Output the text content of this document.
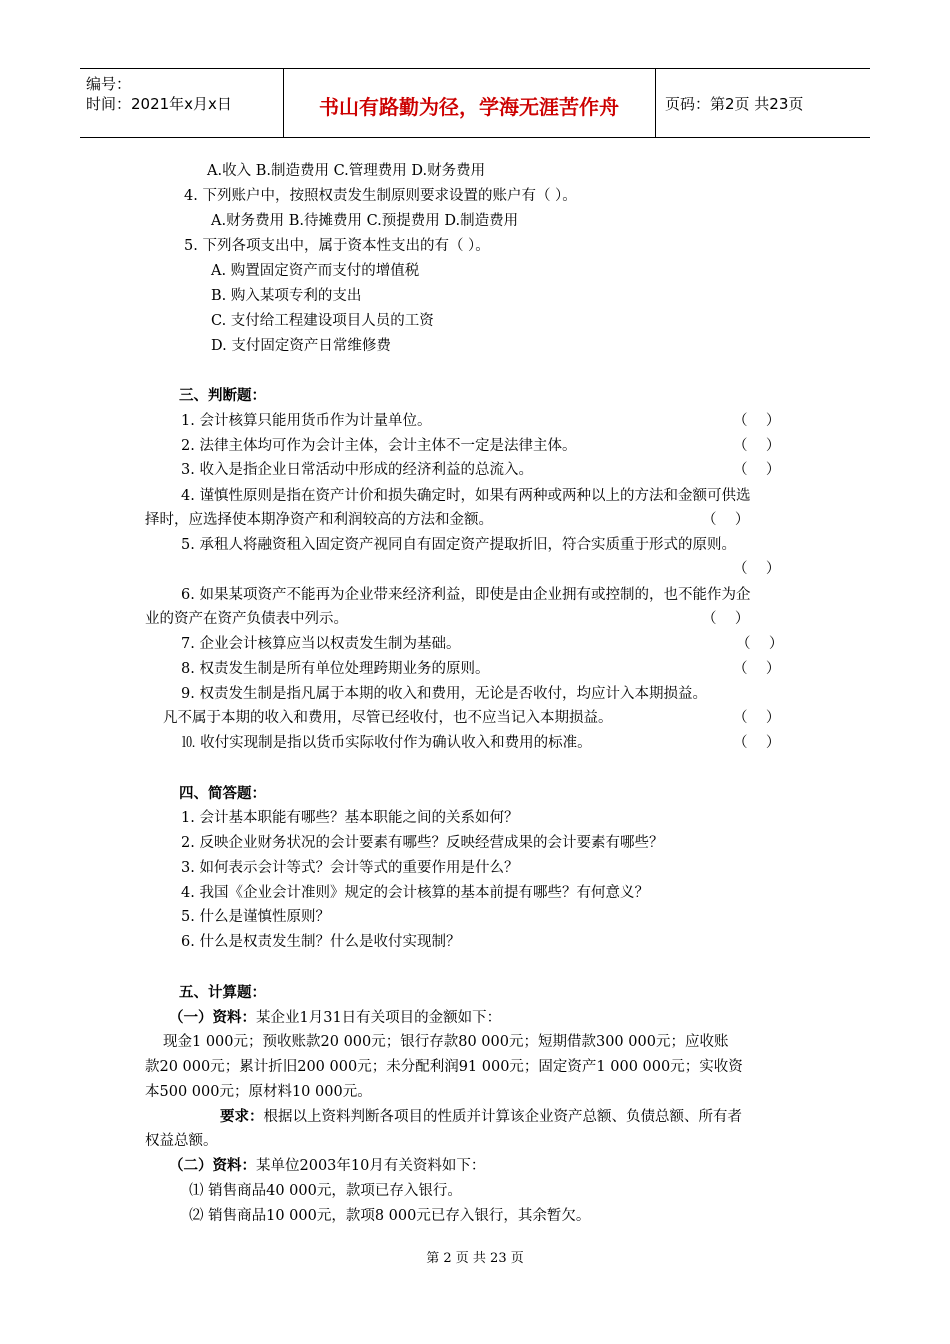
编号：
时间：2021年x月x日	书山有路勤为径，学海无涯苦作舟	页码：第2页 共23页
A.收入 B.制造费用 C.管理费用 D.财务费用
4. 下列账户中，按照权责发生制原则要求设置的账户有（ ）。
A.财务费用 B.待摊费用 C.预提费用 D.制造费用
5. 下列各项支出中，属于资本性支出的有（ ）。
A. 购置固定资产而支付的增值税
B. 购入某项专利的支出
C. 支付给工程建设项目人员的工资
D. 支付固定资产日常维修费
三、判断题：
1. 会计核算只能用货币作为计量单位。	（    ）
2. 法律主体均可作为会计主体，会计主体不一定是法律主体。	（    ）
3. 收入是指企业日常活动中形成的经济利益的总流入。	（    ）
4. 谨慎性原则是指在资产计价和损失确定时，如果有两种或两种以上的方法和金额可供选
择时，应选择使本期净资产和利润较高的方法和金额。	（    ）
5. 承租人将融资租入固定资产视同自有固定资产提取折旧，符合实质重于形式的原则。
（    ）
6. 如果某项资产不能再为企业带来经济利益，即使是由企业拥有或控制的，也不能作为企
业的资产在资产负债表中列示。	（    ）
7. 企业会计核算应当以权责发生制为基础。	（    ）
8. 权责发生制是所有单位处理跨期业务的原则。	（    ）
9. 权责发生制是指凡属于本期的收入和费用，无论是否收付，均应计入本期损益。
凡不属于本期的收入和费用，尽管已经收付，也不应当记入本期损益。	（    ）
⒑ 收付实现制是指以货币实际收付作为确认收入和费用的标准。	（    ）
四、简答题：
1. 会计基本职能有哪些？基本职能之间的关系如何？
2. 反映企业财务状况的会计要素有哪些？反映经营成果的会计要素有哪些？
3. 如何表示会计等式？会计等式的重要作用是什么？
4. 我国《企业会计准则》规定的会计核算的基本前提有哪些？有何意义？
5. 什么是谨慎性原则？
6. 什么是权责发生制？什么是收付实现制？
五、计算题：
（一）资料：某企业1月31日有关项目的金额如下：
现金1 000元；预收账款20 000元；银行存款80 000元；短期借款300 000元；应收账
款20 000元；累计折旧200 000元；未分配利润91 000元；固定资产1 000 000元；实收资
本500 000元；原材料10 000元。
要求：根据以上资料判断各项目的性质并计算该企业资产总额、负债总额、所有者
权益总额。
（二）资料：某单位2003年10月有关资料如下：
⑴ 销售商品40 000元，款项已存入银行。
⑵ 销售商品10 000元，款项8 000元已存入银行，其余暂欠。
第 2 页 共 23 页
